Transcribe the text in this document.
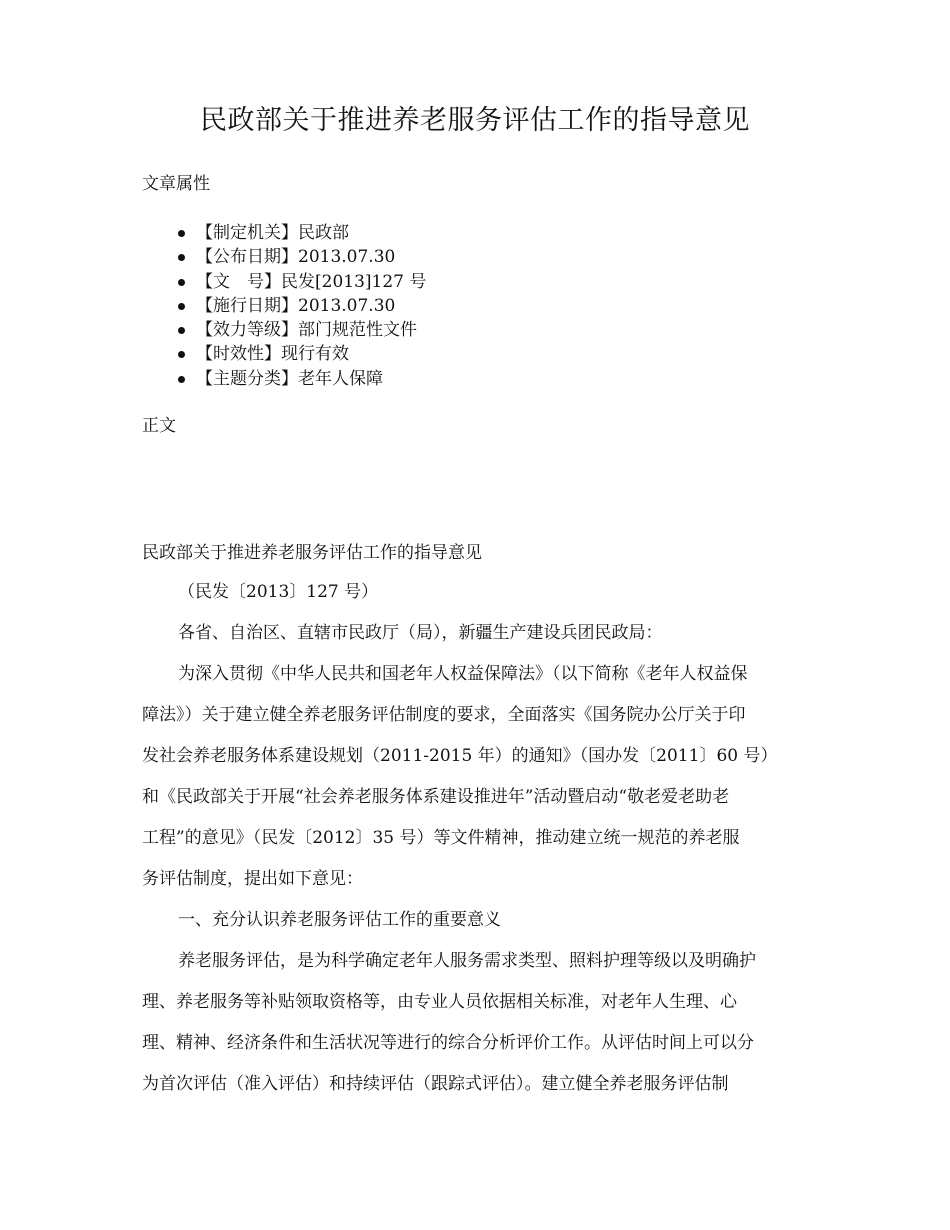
民政部关于推进养老服务评估工作的指导意见
文章属性
【制定机关】民政部
【公布日期】2013.07.30
【文　号】民发[2013]127 号
【施行日期】2013.07.30
【效力等级】部门规范性文件
【时效性】现行有效
【主题分类】老年人保障
正文
民政部关于推进养老服务评估工作的指导意见
（民发〔2013〕127 号）
各省、自治区、直辖市民政厅（局），新疆生产建设兵团民政局：
为深入贯彻《中华人民共和国老年人权益保障法》（以下简称《老年人权益保
障法》）关于建立健全养老服务评估制度的要求，全面落实《国务院办公厅关于印
发社会养老服务体系建设规划（2011-2015 年）的通知》（国办发〔2011〕60 号）
和《民政部关于开展“社会养老服务体系建设推进年”活动暨启动“敬老爱老助老
工程”的意见》（民发〔2012〕35 号）等文件精神，推动建立统一规范的养老服
务评估制度，提出如下意见：
一、充分认识养老服务评估工作的重要意义
养老服务评估，是为科学确定老年人服务需求类型、照料护理等级以及明确护
理、养老服务等补贴领取资格等，由专业人员依据相关标准，对老年人生理、心
理、精神、经济条件和生活状况等进行的综合分析评价工作。从评估时间上可以分
为首次评估（准入评估）和持续评估（跟踪式评估）。建立健全养老服务评估制
